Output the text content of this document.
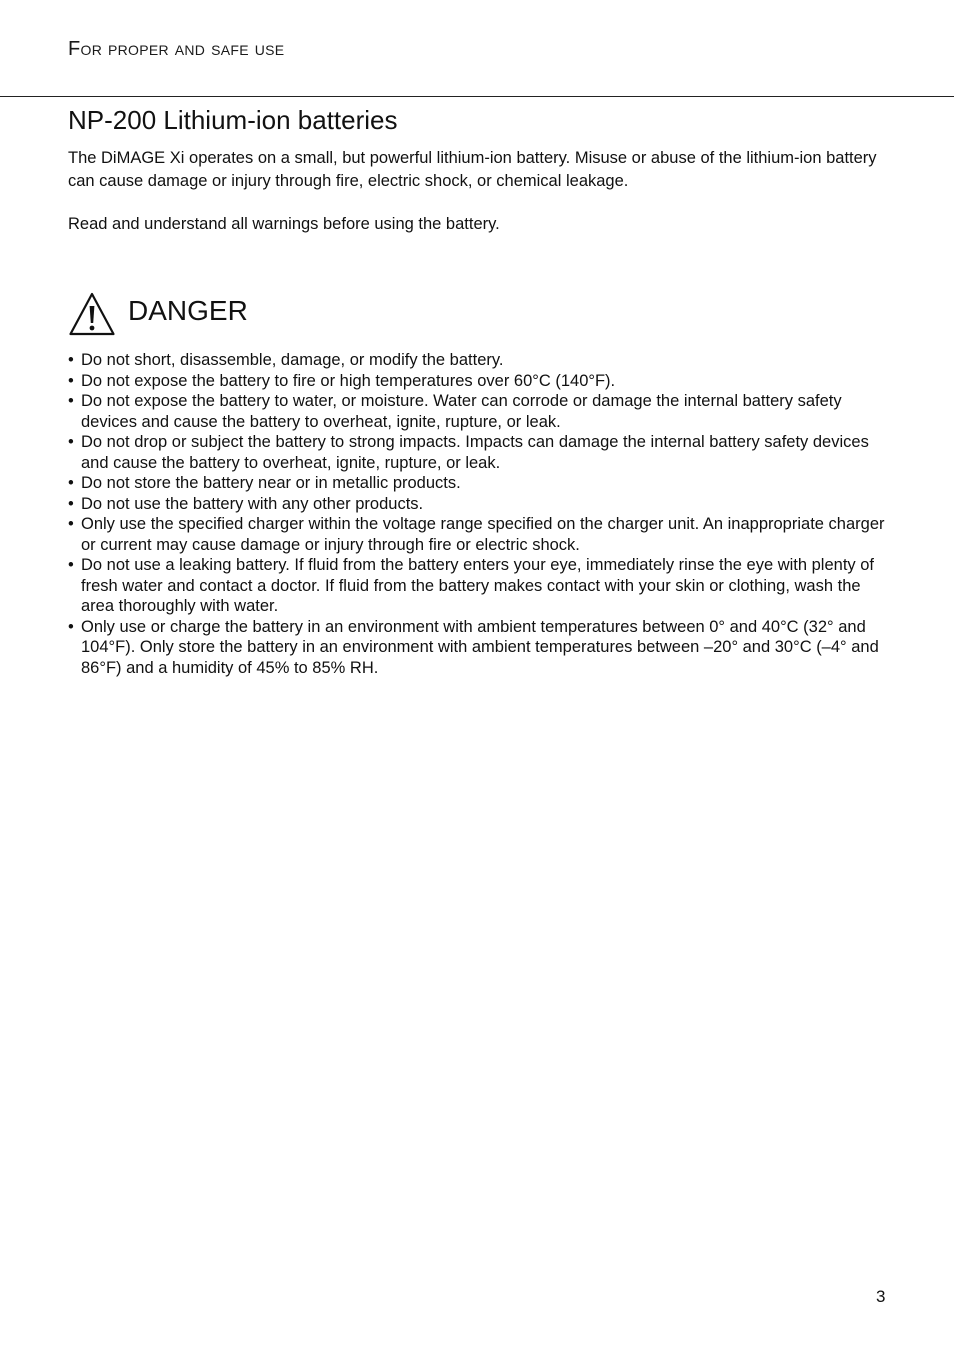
For proper and safe use
NP-200 Lithium-ion batteries

The DiMAGE Xi operates on a small, but powerful lithium-ion battery. Misuse or abuse of the lithium-ion battery can cause damage or injury through fire, electric shock, or chemical leakage.

Read and understand all warnings before using the battery.

DANGER
• Do not short, disassemble, damage, or modify the battery.
• Do not expose the battery to fire or high temperatures over 60°C (140°F).
• Do not expose the battery to water, or moisture. Water can corrode or damage the internal battery safety devices and cause the battery to overheat, ignite, rupture, or leak.
• Do not drop or subject the battery to strong impacts. Impacts can damage the internal battery safety devices and cause the battery to overheat, ignite, rupture, or leak.
• Do not store the battery near or in metallic products.
• Do not use the battery with any other products.
• Only use the specified charger within the voltage range specified on the charger unit. An inappropriate charger or current may cause damage or injury through fire or electric shock.
• Do not use a leaking battery. If fluid from the battery enters your eye, immediately rinse the eye with plenty of fresh water and contact a doctor. If fluid from the battery makes contact with your skin or clothing, wash the area thoroughly with water.
• Only use or charge the battery in an environment with ambient temperatures between 0° and 40°C (32° and 104°F). Only store the battery in an environment with ambient temperatures between –20° and 30°C (–4° and 86°F) and a humidity of 45% to 85% RH.
3
